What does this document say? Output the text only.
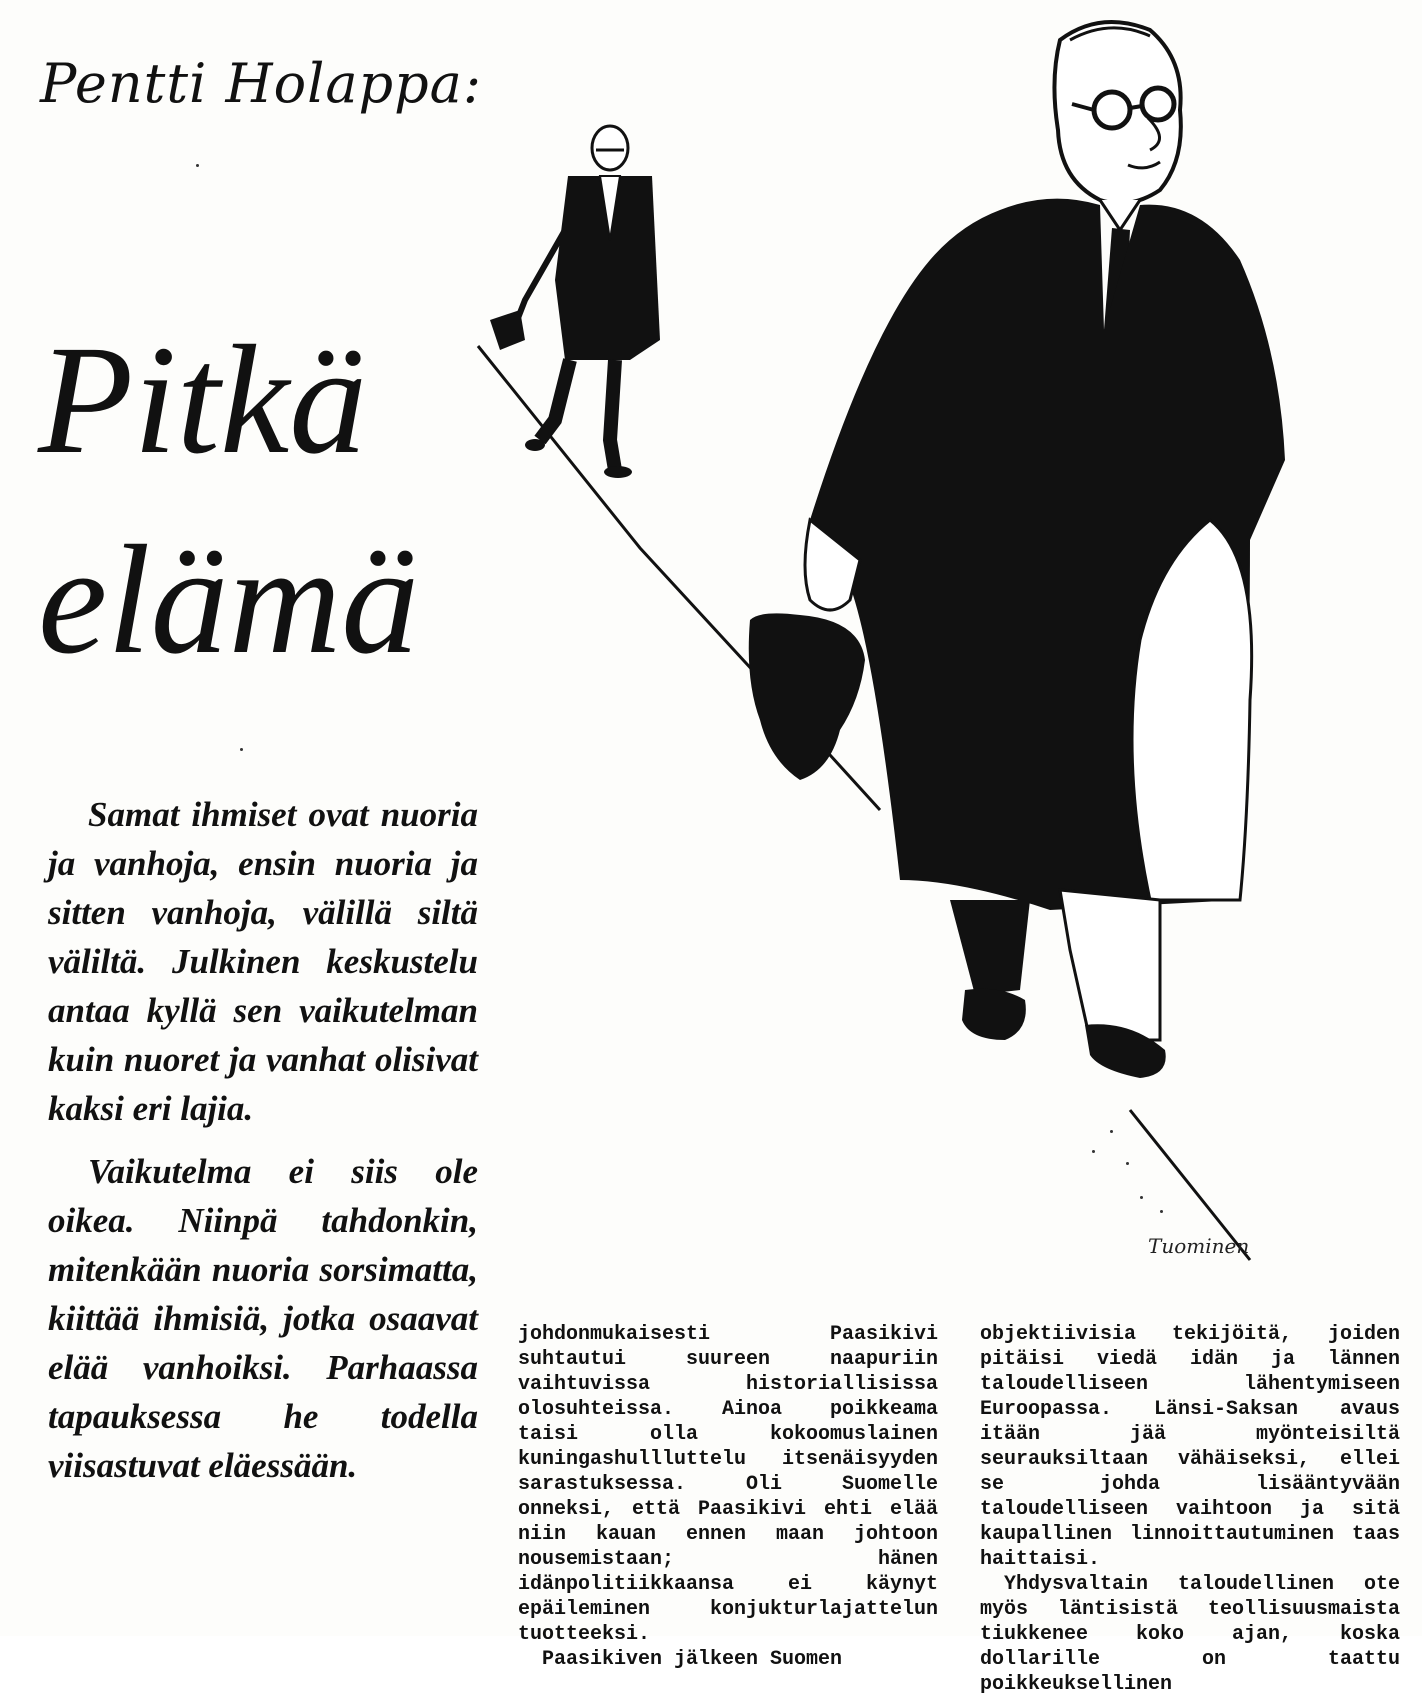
Pentti Holappa:
Pitkä
elämä

Samat ihmiset ovat nuoria ja vanhoja, ensin nuoria ja sitten vanhoja, välillä siltä väliltä. Julkinen keskustelu antaa kyllä sen vaikutelman kuin nuoret ja vanhat olisivat kaksi eri lajia.

Vaikutelma ei siis ole oikea. Niinpä tahdonkin, mitenkään nuoria sorsimatta, kiittää ihmisiä, jotka osaavat elää vanhoiksi. Parhaassa tapauksessa he todella viisastuvat eläessään.

johdonmukaisesti Paasikivi suhtautui suureen naapuriin vaihtuvissa historiallisissa olosuhteissa. Ainoa poikkeama taisi olla kokoomuslainen kuningashullluttelu itsenäisyyden sarastuksessa. Oli Suomelle onneksi, että Paasikivi ehti elää niin kauan ennen maan johtoon nousemistaan; hänen idänpolitiikkaansa ei käynyt epäileminen konjukturlajattelun tuotteeksi.

Paasikiven jälkeen Suomen

objektiivisia tekijöitä, joiden pitäisi viedä idän ja lännen taloudelliseen lähentymiseen Euroopassa. Länsi-Saksan avaus itään jää myönteisiltä seurauksiltaan vähäiseksi, ellei se johda lisääntyvään taloudelliseen vaihtoon ja sitä kaupallinen linnoittautuminen taas haittaisi.

Yhdysvaltain taloudellinen ote myös läntisistä teollisuusmaista tiukkenee koko ajan, koska dollarille on taattu poikkeuksellinen

Tuominen
